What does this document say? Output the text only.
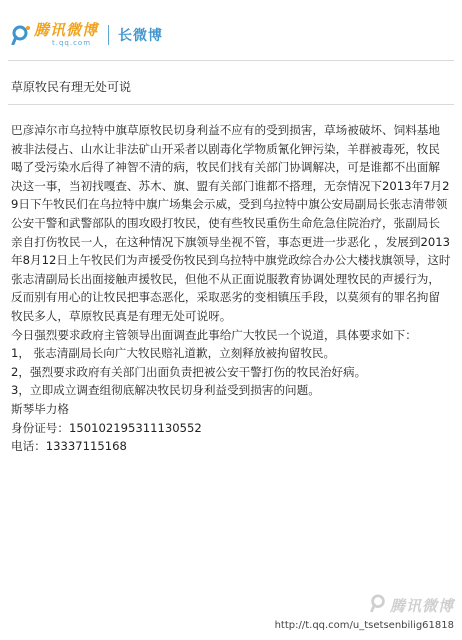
腾讯微博
t.qq.com	长微博
草原牧民有理无处可说

巴彦淖尔市乌拉特中旗草原牧民切身利益不应有的受到损害，草场被破坏、饲料基地被非法侵占、山水让非法矿山开采者以剧毒化学物质氰化钾污染，羊群被毒死，牧民喝了受污染水后得了神智不清的病，牧民们找有关部门协调解决，可是谁都不出面解决这一事，当初找嘎查、苏木、旗、盟有关部门谁都不搭理，无奈情况下2013年7月29日下午牧民们在乌拉特中旗广场集会示威，受到乌拉特中旗公安局副局长张志清带领公安干警和武警部队的围攻殴打牧民，使有些牧民重伤生命危急住院治疗，张副局长亲自打伤牧民一人，在这种情况下旗领导坐视不管，事态更进一步恶化 ，发展到2013年8月12日上午牧民们为声援受伤牧民到乌拉特中旗党政综合办公大楼找旗领导，这时张志清副局长出面接触声援牧民，但他不从正面说服教育协调处理牧民的声援行为，反而别有用心的让牧民把事态恶化，采取恶劣的变相镇压手段，以莫须有的罪名拘留牧民多人，草原牧民真是有理无处可说呀。

今日强烈要求政府主管领导出面调查此事给广大牧民一个说道，具体要求如下：

1， 张志清副局长向广大牧民赔礼道歉，立刻释放被拘留牧民。

2，强烈要求政府有关部门出面负责把被公安干警打伤的牧民治好病。

3，立即成立调查组彻底解决牧民切身利益受到损害的问题。

斯琴毕力格

身份证号：150102195311130552

电话：13337115168

腾讯微博
http://t.qq.com/u_tsetsenbilig61818
